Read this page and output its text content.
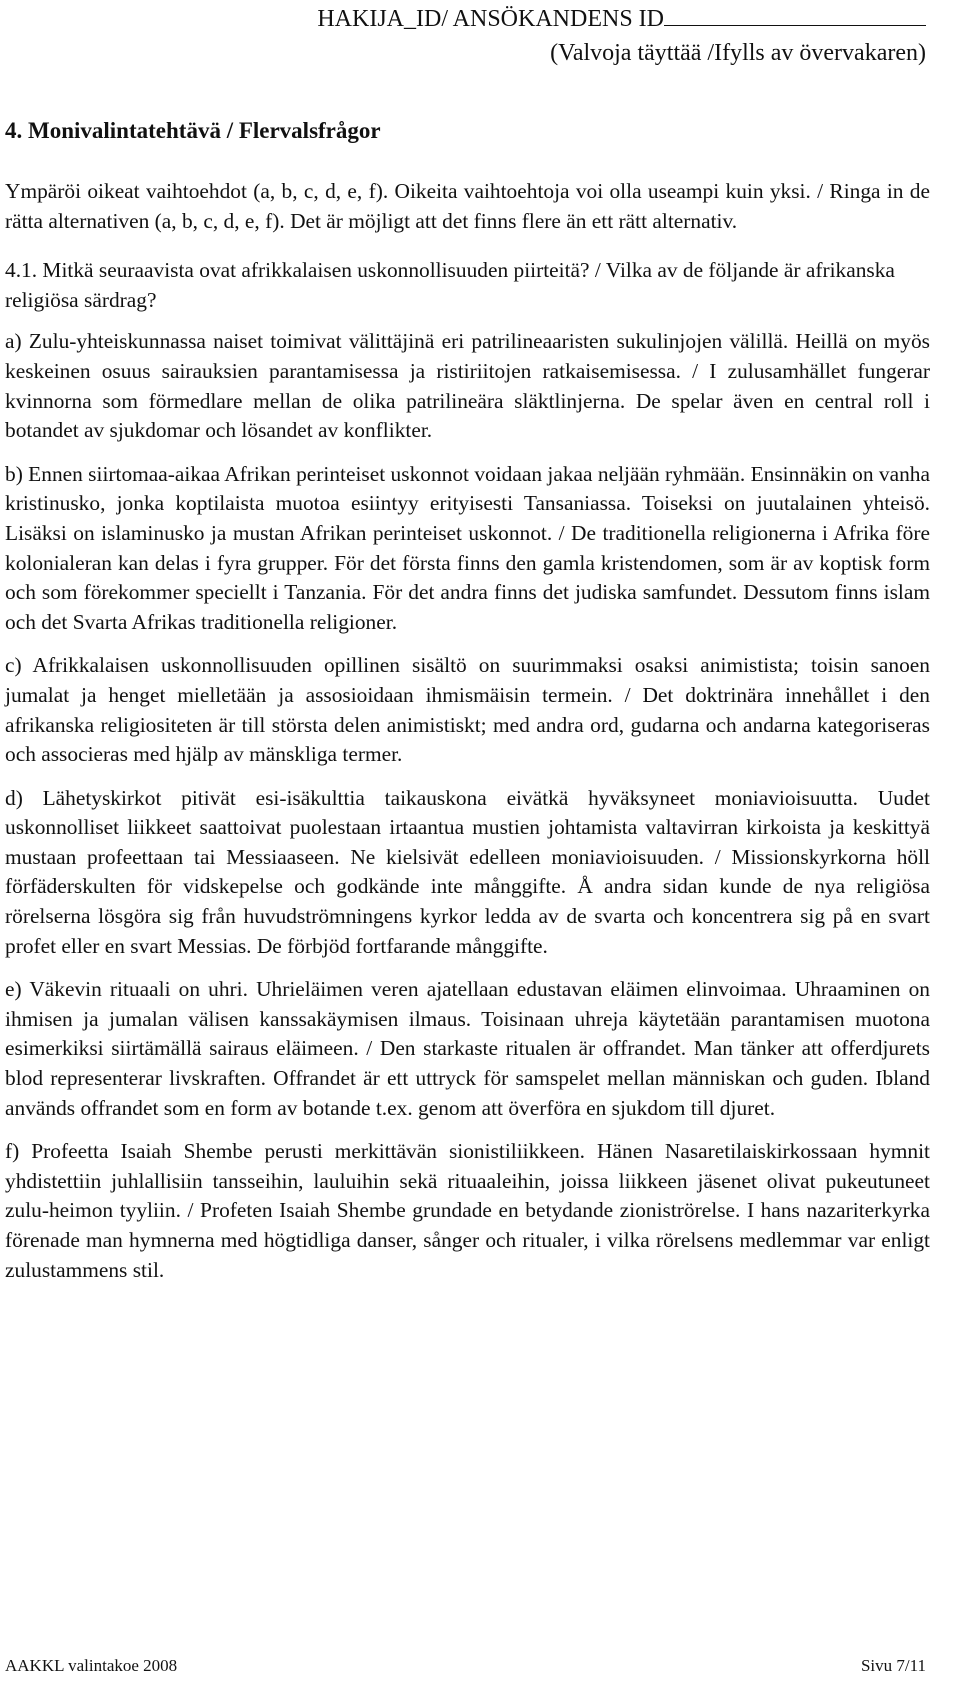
HAKIJA_ID/ ANSÖKANDENS ID
(Valvoja täyttää /Ifylls av övervakaren)
4. Monivalintatehtävä / Flervalsfrågor
Ympäröi oikeat vaihtoehdot (a, b, c, d, e, f). Oikeita vaihtoehtoja voi olla useampi kuin yksi. / Ringa in de rätta alternativen (a, b, c, d, e, f). Det är möjligt att det finns flere än ett rätt alternativ.
4.1. Mitkä seuraavista ovat afrikkalaisen uskonnollisuuden piirteitä? / Vilka av de följande är afrikanska religiösa särdrag?
a) Zulu-yhteiskunnassa naiset toimivat välittäjinä eri patrilineaaristen sukulinjojen välillä. Heillä on myös keskeinen osuus sairauksien parantamisessa ja ristiriitojen ratkaisemisessa. / I zulusamhället fungerar kvinnorna som förmedlare mellan de olika patrilineära släktlinjerna. De spelar även en central roll i botandet av sjukdomar och lösandet av konflikter.
b) Ennen siirtomaa-aikaa Afrikan perinteiset uskonnot voidaan jakaa neljään ryhmään. Ensinnäkin on vanha kristinusko, jonka koptilaista muotoa esiintyy erityisesti Tansaniassa. Toiseksi on juutalainen yhteisö. Lisäksi on islaminusko ja mustan Afrikan perinteiset uskonnot. / De traditionella religionerna i Afrika före kolonialeran kan delas i fyra grupper. För det första finns den gamla kristendomen, som är av koptisk form och som förekommer speciellt i Tanzania. För det andra finns det judiska samfundet. Dessutom finns islam och det Svarta Afrikas traditionella religioner.
c) Afrikkalaisen uskonnollisuuden opillinen sisältö on suurimmaksi osaksi animistista; toisin sanoen jumalat ja henget mielletään ja assosioidaan ihmismäisin termein. / Det doktrinära innehållet i den afrikanska religiositeten är till största delen animistiskt; med andra ord, gudarna och andarna kategoriseras och associeras med hjälp av mänskliga termer.
d) Lähetyskirkot pitivät esi-isäkulttia taikauskona eivätkä hyväksyneet moniavioisuutta. Uudet uskonnolliset liikkeet saattoivat puolestaan irtaantua mustien johtamista valtavirran kirkoista ja keskittyä mustaan profeettaan tai Messiaaseen. Ne kielsivät edelleen moniavioisuuden. / Missionskyrkorna höll förfäderskulten för vidskepelse och godkände inte månggifte. Å andra sidan kunde de nya religiösa rörelserna lösgöra sig från huvudströmningens kyrkor ledda av de svarta och koncentrera sig på en svart profet eller en svart Messias. De förbjöd fortfarande månggifte.
e) Väkevin rituaali on uhri. Uhrieläimen veren ajatellaan edustavan eläimen elinvoimaa. Uhraaminen on ihmisen ja jumalan välisen kanssakäymisen ilmaus. Toisinaan uhreja käytetään parantamisen muotona esimerkiksi siirtämällä sairaus eläimeen. / Den starkaste ritualen är offrandet. Man tänker att offerdjurets blod representerar livskraften. Offrandet är ett uttryck för samspelet mellan människan och guden. Ibland används offrandet som en form av botande t.ex. genom att överföra en sjukdom till djuret.
f) Profeetta Isaiah Shembe perusti merkittävän sionistiliikkeen. Hänen Nasaretilaiskirkossaan hymnit yhdistettiin juhlallisiin tansseihin, lauluihin sekä rituaaleihin, joissa liikkeen jäsenet olivat pukeutuneet zulu-heimon tyyliin. / Profeten Isaiah Shembe grundade en betydande zioniströrelse. I hans nazariterkyrka förenade man hymnerna med högtidliga danser, sånger och ritualer, i vilka rörelsens medlemmar var enligt zulustammens stil.
AAKKL valintakoe 2008	Sivu 7/11
